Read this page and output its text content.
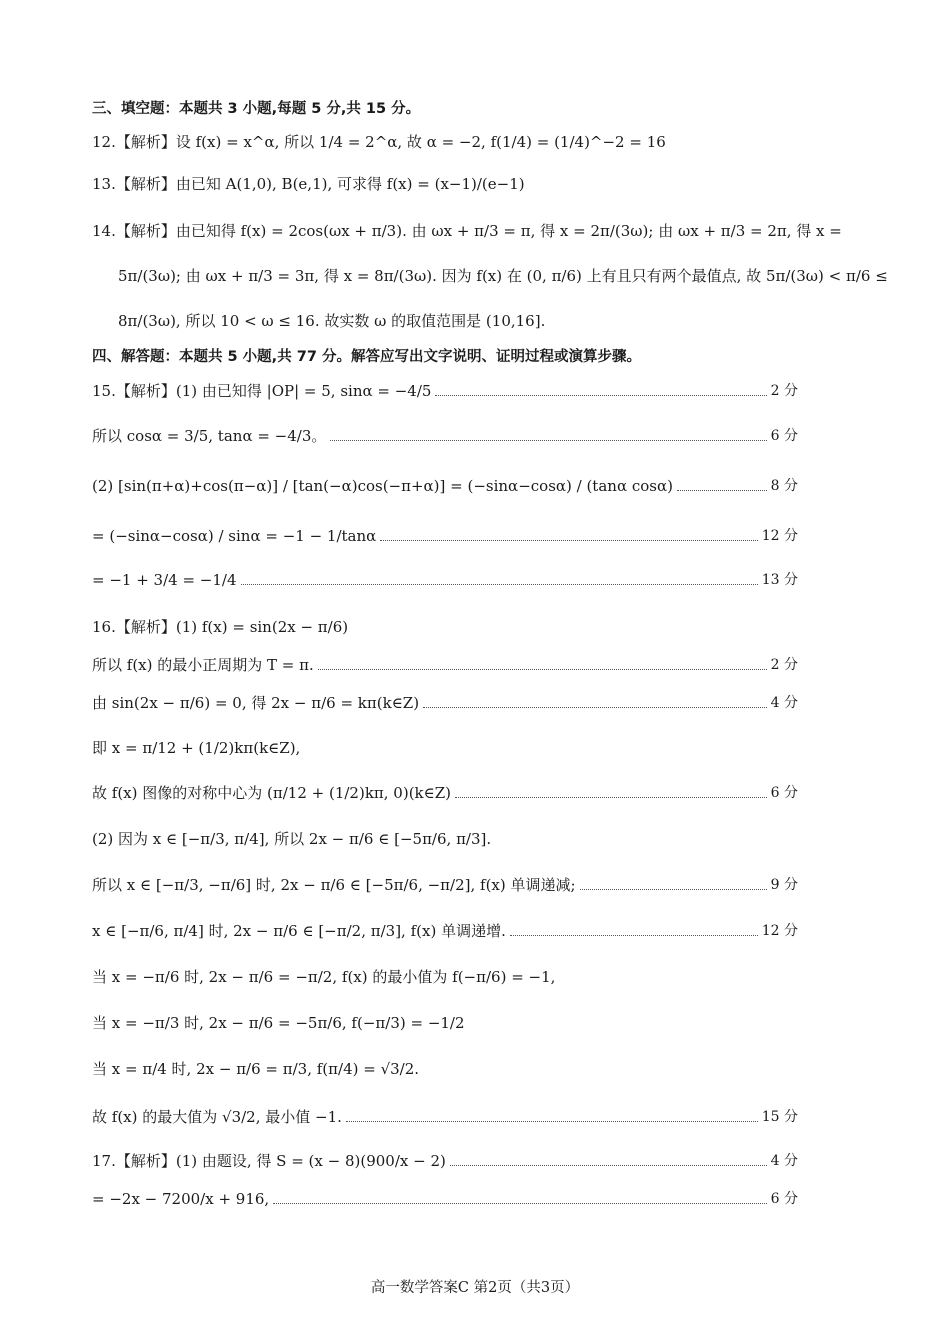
三、填空题：本题共 3 小题,每题 5 分,共 15 分。
12.【解析】设 f(x) = x^α, 所以 1/4 = 2^α, 故 α = −2, f(1/4) = (1/4)^−2 = 16
13.【解析】由已知 A(1,0), B(e,1), 可求得 f(x) = (x−1)/(e−1)
14.【解析】由已知得 f(x) = 2cos(ωx + π/3). 由 ωx + π/3 = π, 得 x = 2π/(3ω); 由 ωx + π/3 = 2π, 得 x =
5π/(3ω); 由 ωx + π/3 = 3π, 得 x = 8π/(3ω). 因为 f(x) 在 (0, π/6) 上有且只有两个最值点, 故 5π/(3ω) < π/6 ≤
8π/(3ω), 所以 10 < ω ≤ 16. 故实数 ω 的取值范围是 (10,16].
四、解答题：本题共 5 小题,共 77 分。解答应写出文字说明、证明过程或演算步骤。
15.【解析】(1) 由已知得 |OP| = 5, sinα = −4/5	2 分
所以 cosα = 3/5, tanα = −4/3。	6 分
(2) [sin(π+α)+cos(π−α)] / [tan(−α)cos(−π+α)] = (−sinα−cosα) / (tanα cosα)	8 分
= (−sinα−cosα) / sinα = −1 − 1/tanα	12 分
= −1 + 3/4 = −1/4	13 分
16.【解析】(1) f(x) = sin(2x − π/6)
所以 f(x) 的最小正周期为 T = π.	2 分
由 sin(2x − π/6) = 0, 得 2x − π/6 = kπ(k∈Z)	4 分
即 x = π/12 + (1/2)kπ(k∈Z),
故 f(x) 图像的对称中心为 (π/12 + (1/2)kπ, 0)(k∈Z)	6 分
(2) 因为 x ∈ [−π/3, π/4], 所以 2x − π/6 ∈ [−5π/6, π/3].
所以 x ∈ [−π/3, −π/6] 时, 2x − π/6 ∈ [−5π/6, −π/2], f(x) 单调递减;	9 分
x ∈ [−π/6, π/4] 时, 2x − π/6 ∈ [−π/2, π/3], f(x) 单调递增.	12 分
当 x = −π/6 时, 2x − π/6 = −π/2, f(x) 的最小值为 f(−π/6) = −1,
当 x = −π/3 时, 2x − π/6 = −5π/6, f(−π/3) = −1/2
当 x = π/4 时, 2x − π/6 = π/3, f(π/4) = √3/2.
故 f(x) 的最大值为 √3/2, 最小值 −1.	15 分
17.【解析】(1) 由题设, 得 S = (x − 8)(900/x − 2)	4 分
= −2x − 7200/x + 916,	6 分
高一数学答案C 第2页（共3页）
